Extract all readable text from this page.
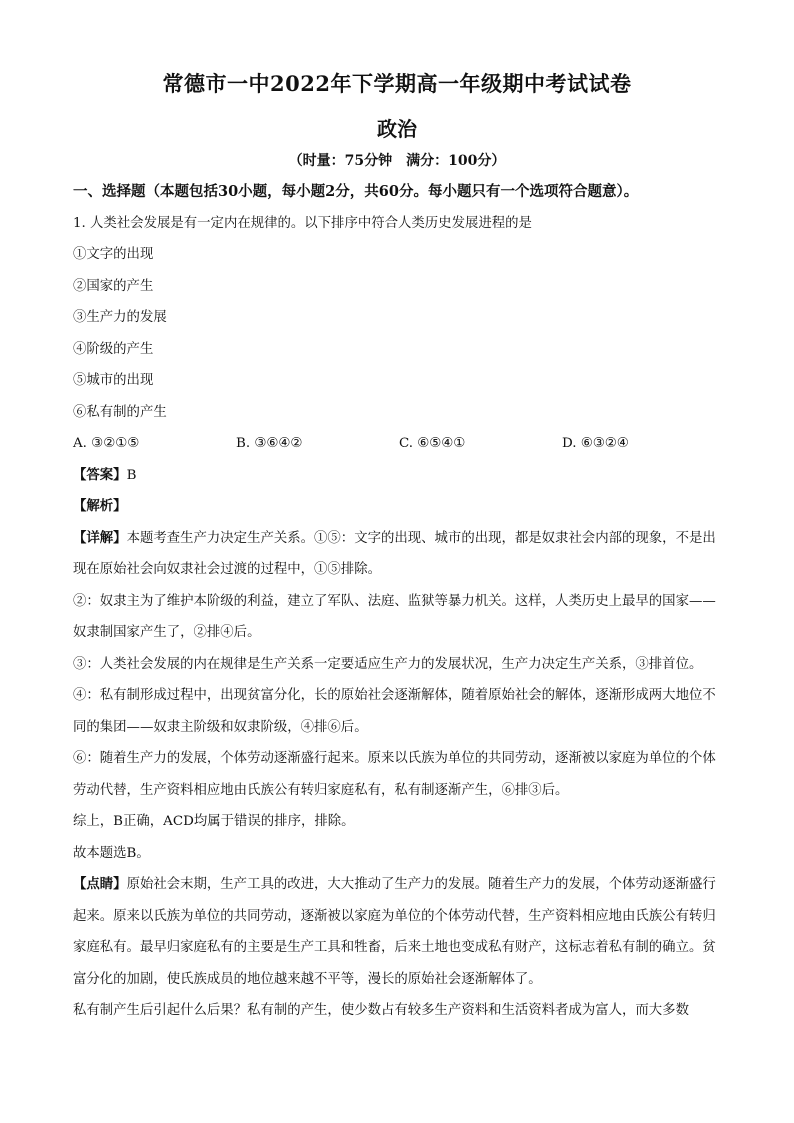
常德市一中2022年下学期高一年级期中考试试卷
政治
（时量：75分钟　满分：100分）
一、选择题（本题包括30小题，每小题2分，共60分。每小题只有一个选项符合题意）。
1. 人类社会发展是有一定内在规律的。以下排序中符合人类历史发展进程的是
①文字的出现
②国家的产生
③生产力的发展
④阶级的产生
⑤城市的出现
⑥私有制的产生
A. ③②①⑤	B. ③⑥④②	C. ⑥⑤④①	D. ⑥③②④
【答案】B
【解析】
【详解】本题考查生产力决定生产关系。①⑤：文字的出现、城市的出现，都是奴隶社会内部的现象，不是出现在原始社会向奴隶社会过渡的过程中，①⑤排除。
②：奴隶主为了维护本阶级的利益，建立了军队、法庭、监狱等暴力机关。这样，人类历史上最早的国家——奴隶制国家产生了，②排④后。
③：人类社会发展的内在规律是生产关系一定要适应生产力的发展状况，生产力决定生产关系，③排首位。
④：私有制形成过程中，出现贫富分化，长的原始社会逐渐解体，随着原始社会的解体，逐渐形成两大地位不同的集团——奴隶主阶级和奴隶阶级，④排⑥后。
⑥：随着生产力的发展，个体劳动逐渐盛行起来。原来以氏族为单位的共同劳动，逐渐被以家庭为单位的个体劳动代替，生产资料相应地由氏族公有转归家庭私有，私有制逐渐产生，⑥排③后。
综上，B正确，ACD均属于错误的排序，排除。
故本题选B。
【点睛】原始社会末期，生产工具的改进，大大推动了生产力的发展。随着生产力的发展，个体劳动逐渐盛行起来。原来以氏族为单位的共同劳动，逐渐被以家庭为单位的个体劳动代替，生产资料相应地由氏族公有转归家庭私有。最早归家庭私有的主要是生产工具和牲畜，后来土地也变成私有财产，这标志着私有制的确立。贫富分化的加剧，使氏族成员的地位越来越不平等，漫长的原始社会逐渐解体了。
私有制产生后引起什么后果？私有制的产生，使少数占有较多生产资料和生活资料者成为富人，而大多数
